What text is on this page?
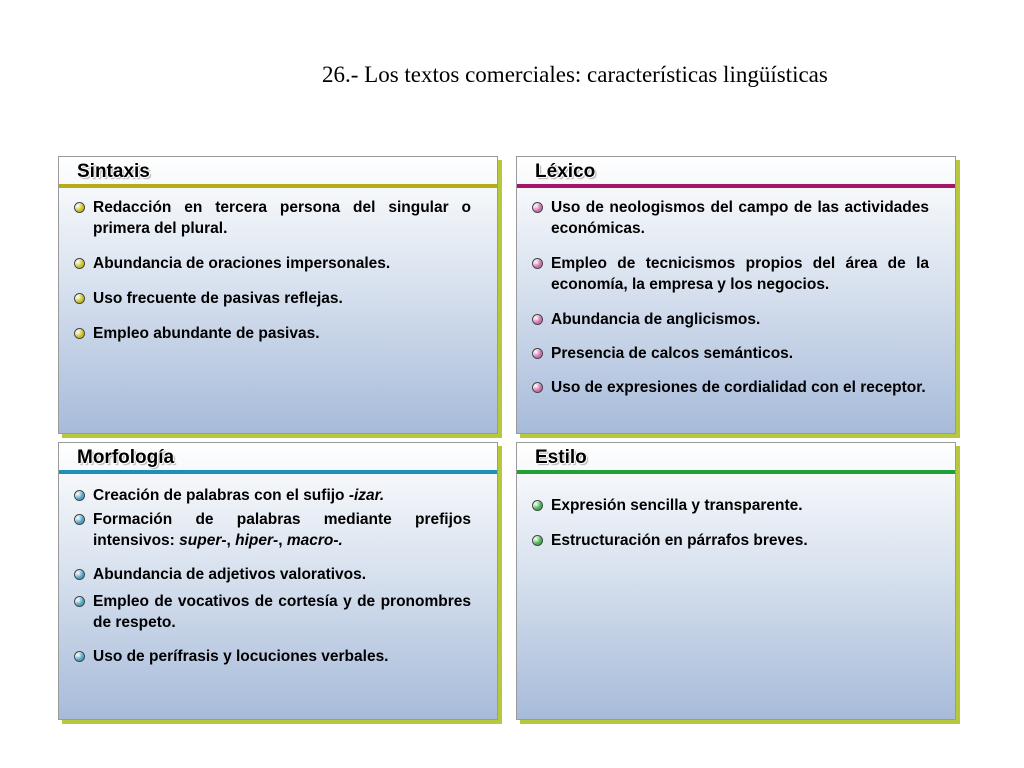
26.- Los textos comerciales: características lingüísticas
Sintaxis
Redacción en tercera persona del singular o primera del plural.
Abundancia de oraciones impersonales.
Uso frecuente de pasivas reflejas.
Empleo abundante de pasivas.
Léxico
Uso de neologismos del campo de las actividades económicas.
Empleo de tecnicismos propios del área de la economía, la empresa y los negocios.
Abundancia de anglicismos.
Presencia de calcos semánticos.
Uso de expresiones de cordialidad con el receptor.
Morfología
Creación de palabras con el sufijo -izar.
Formación de palabras mediante prefijos intensivos: super-, hiper-, macro-.
Abundancia de adjetivos valorativos.
Empleo de vocativos de cortesía y de pronombres de respeto.
Uso de perífrasis y locuciones verbales.
Estilo
Expresión sencilla y transparente.
Estructuración en párrafos breves.
